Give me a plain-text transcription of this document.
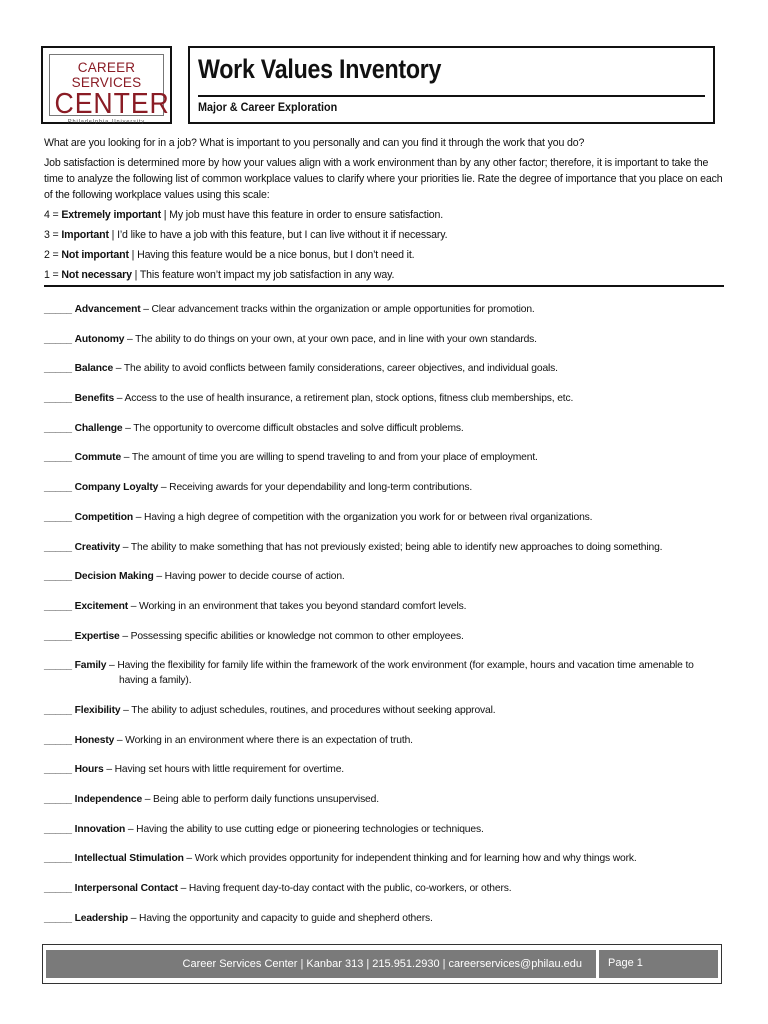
CAREER SERVICES
CENTER
Philadelphia University
Work Values Inventory
Major & Career Exploration

What are you looking for in a job? What is important to you personally and can you find it through the work that you do?

Job satisfaction is determined more by how your values align with a work environment than by any other factor; therefore, it is important to take the time to analyze the following list of common workplace values to clarify where your priorities lie. Rate the degree of importance that you place on each of the following workplace values using this scale:

4 = Extremely important | My job must have this feature in order to ensure satisfaction.

3 = Important | I’d like to have a job with this feature, but I can live without it if necessary.

2 = Not important | Having this feature would be a nice bonus, but I don’t need it.

1 = Not necessary | This feature won’t impact my job satisfaction in any way.

_____ Advancement – Clear advancement tracks within the organization or ample opportunities for promotion.
_____ Autonomy – The ability to do things on your own, at your own pace, and in line with your own standards.
_____ Balance – The ability to avoid conflicts between family considerations, career objectives, and individual goals.
_____ Benefits – Access to the use of health insurance, a retirement plan, stock options, fitness club memberships, etc.
_____ Challenge – The opportunity to overcome difficult obstacles and solve difficult problems.
_____ Commute – The amount of time you are willing to spend traveling to and from your place of employment.
_____ Company Loyalty – Receiving awards for your dependability and long-term contributions.
_____ Competition – Having a high degree of competition with the organization you work for or between rival organizations.
_____ Creativity – The ability to make something that has not previously existed; being able to identify new approaches to doing something.
_____ Decision Making – Having power to decide course of action.
_____ Excitement – Working in an environment that takes you beyond standard comfort levels.
_____ Expertise – Possessing specific abilities or knowledge not common to other employees.
_____ Family – Having the flexibility for family life within the framework of the work environment (for example, hours and vacation time amenable to having a family).
_____ Flexibility – The ability to adjust schedules, routines, and procedures without seeking approval.
_____ Honesty – Working in an environment where there is an expectation of truth.
_____ Hours – Having set hours with little requirement for overtime.
_____ Independence – Being able to perform daily functions unsupervised.
_____ Innovation – Having the ability to use cutting edge or pioneering technologies or techniques.
_____ Intellectual Stimulation – Work which provides opportunity for independent thinking and for learning how and why things work.
_____ Interpersonal Contact – Having frequent day-to-day contact with the public, co-workers, or others.
_____ Leadership – Having the opportunity and capacity to guide and shepherd others.
Career Services Center | Kanbar 313 | 215.951.2930 | careerservices@philau.edu	Page 1
